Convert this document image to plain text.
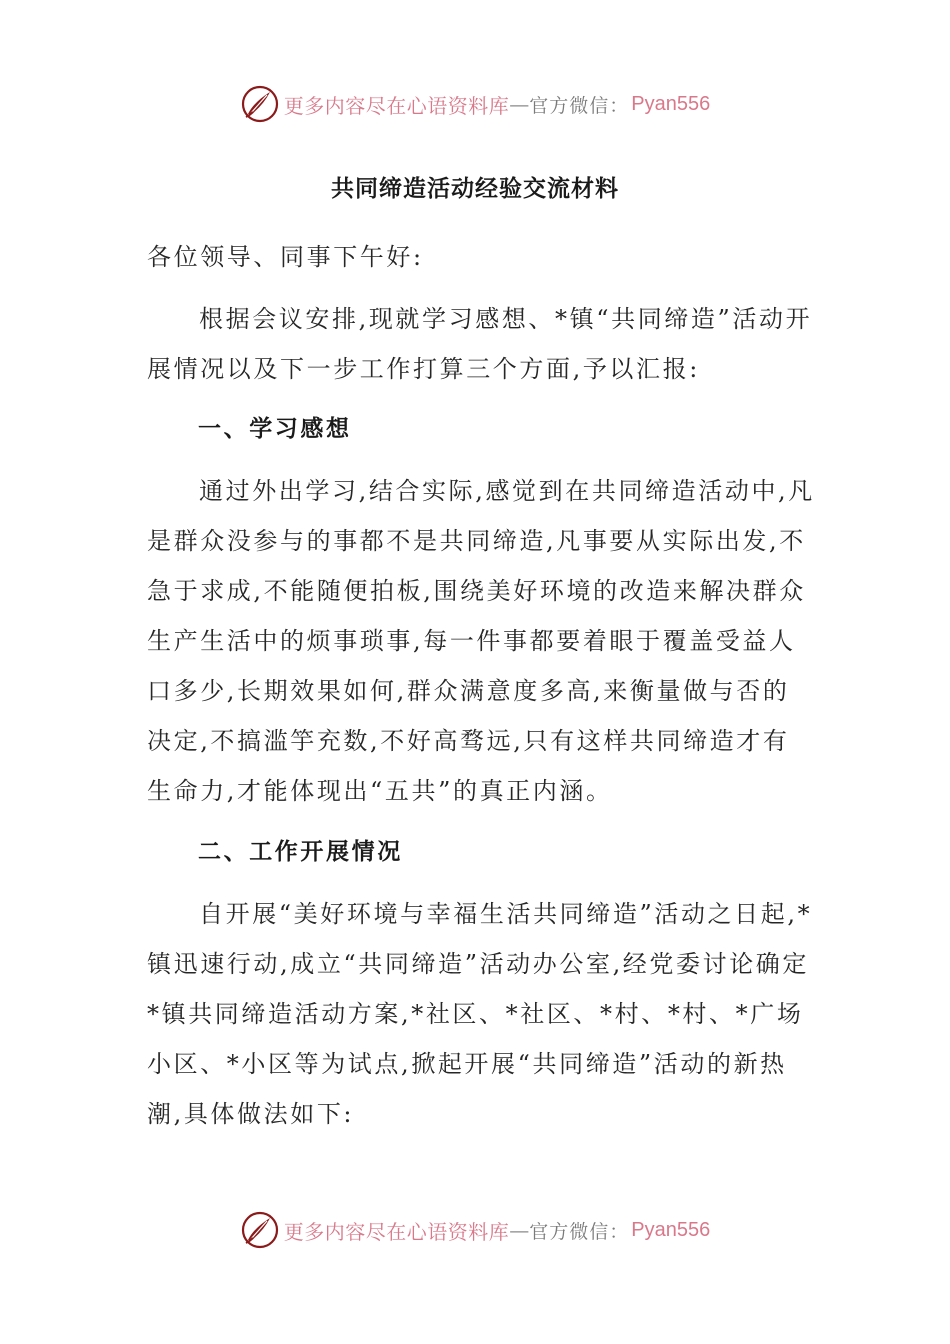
更多内容尽在心语资料库 — 官方微信： Pyan556
共同缔造活动经验交流材料

各位领导、同事下午好:

根据会议安排,现就学习感想、*镇“共同缔造”活动开展情况以及下一步工作打算三个方面,予以汇报:

一、学习感想

通过外出学习,结合实际,感觉到在共同缔造活动中,凡是群众没参与的事都不是共同缔造,凡事要从实际出发,不急于求成,不能随便拍板,围绕美好环境的改造来解决群众生产生活中的烦事琐事,每一件事都要着眼于覆盖受益人口多少,长期效果如何,群众满意度多高,来衡量做与否的决定,不搞滥竽充数,不好高骛远,只有这样共同缔造才有生命力,才能体现出“五共”的真正内涵。

二、工作开展情况

自开展“美好环境与幸福生活共同缔造”活动之日起,*镇迅速行动,成立“共同缔造”活动办公室,经党委讨论确定*镇共同缔造活动方案,*社区、*社区、*村、*村、*广场小区、*小区等为试点,掀起开展“共同缔造”活动的新热潮,具体做法如下:

更多内容尽在心语资料库 — 官方微信： Pyan556
